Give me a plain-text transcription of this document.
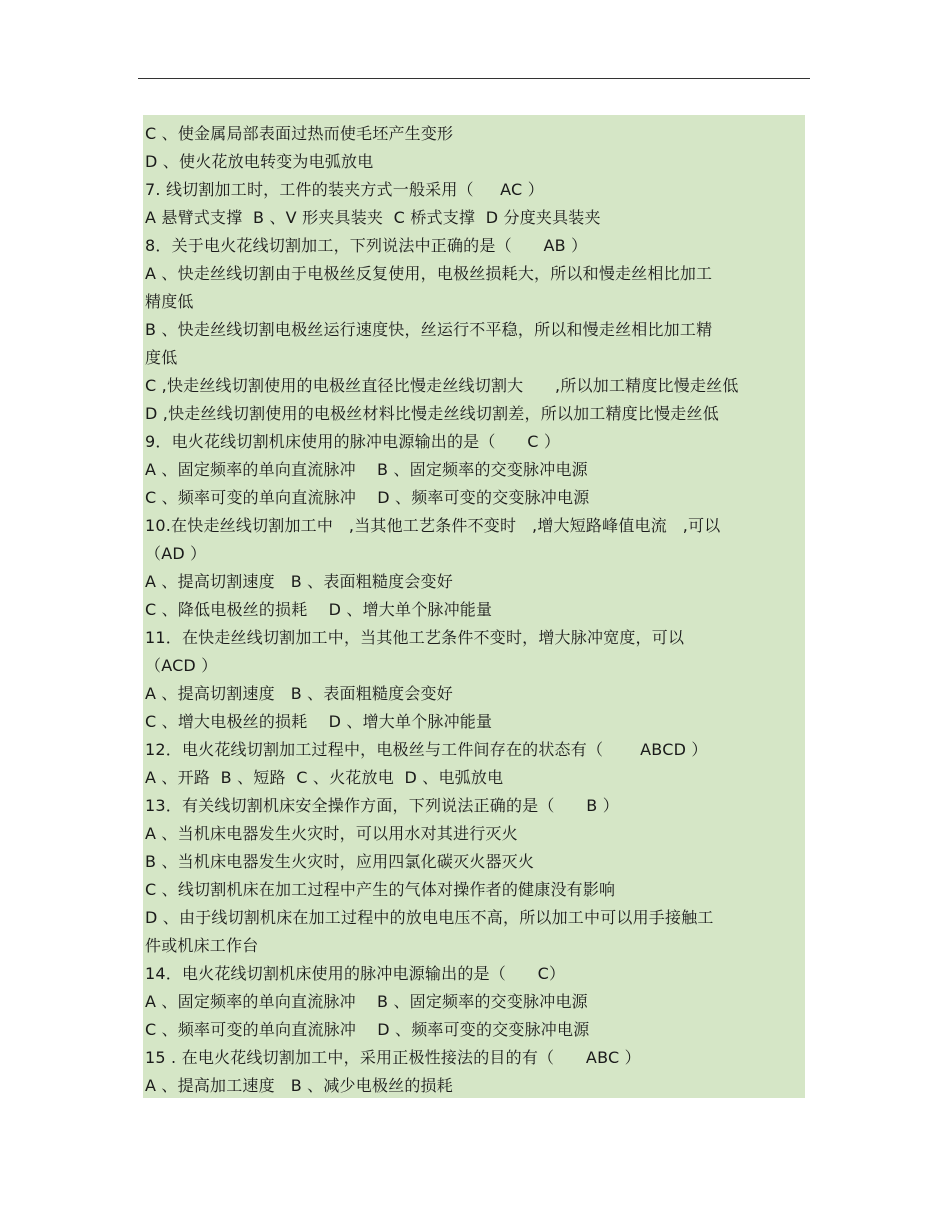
C 、使金属局部表面过热而使毛坯产生变形
D 、使火花放电转变为电弧放电
7. 线切割加工时，工件的装夹方式一般采用（     AC ）
A 悬臂式支撑  B 、V 形夹具装夹  C 桥式支撑  D 分度夹具装夹
8．关于电火花线切割加工，下列说法中正确的是（      AB ）
A 、快走丝线切割由于电极丝反复使用，电极丝损耗大，所以和慢走丝相比加工
精度低
B 、快走丝线切割电极丝运行速度快，丝运行不平稳，所以和慢走丝相比加工精
度低
C ,快走丝线切割使用的电极丝直径比慢走丝线切割大      ,所以加工精度比慢走丝低
D ,快走丝线切割使用的电极丝材料比慢走丝线切割差，所以加工精度比慢走丝低
9．电火花线切割机床使用的脉冲电源输出的是（      C ）
A 、固定频率的单向直流脉冲    B 、固定频率的交变脉冲电源
C 、频率可变的单向直流脉冲    D 、频率可变的交变脉冲电源
10.在快走丝线切割加工中   ,当其他工艺条件不变时   ,增大短路峰值电流   ,可以
（AD ）
A 、提高切割速度   B 、表面粗糙度会变好
C 、降低电极丝的损耗    D 、增大单个脉冲能量
11．在快走丝线切割加工中，当其他工艺条件不变时，增大脉冲宽度，可以
（ACD ）
A 、提高切割速度   B 、表面粗糙度会变好
C 、增大电极丝的损耗    D 、增大单个脉冲能量
12．电火花线切割加工过程中，电极丝与工件间存在的状态有（       ABCD ）
A 、开路  B 、短路  C 、火花放电  D 、电弧放电
13．有关线切割机床安全操作方面，下列说法正确的是（      B ）
A 、当机床电器发生火灾时，可以用水对其进行灭火
B 、当机床电器发生火灾时，应用四氯化碳灭火器灭火
C 、线切割机床在加工过程中产生的气体对操作者的健康没有影响
D 、由于线切割机床在加工过程中的放电电压不高，所以加工中可以用手接触工
件或机床工作台
14．电火花线切割机床使用的脉冲电源输出的是（      C）
A 、固定频率的单向直流脉冲    B 、固定频率的交变脉冲电源
C 、频率可变的单向直流脉冲    D 、频率可变的交变脉冲电源
15 . 在电火花线切割加工中，采用正极性接法的目的有（      ABC ）
A 、提高加工速度   B 、减少电极丝的损耗
